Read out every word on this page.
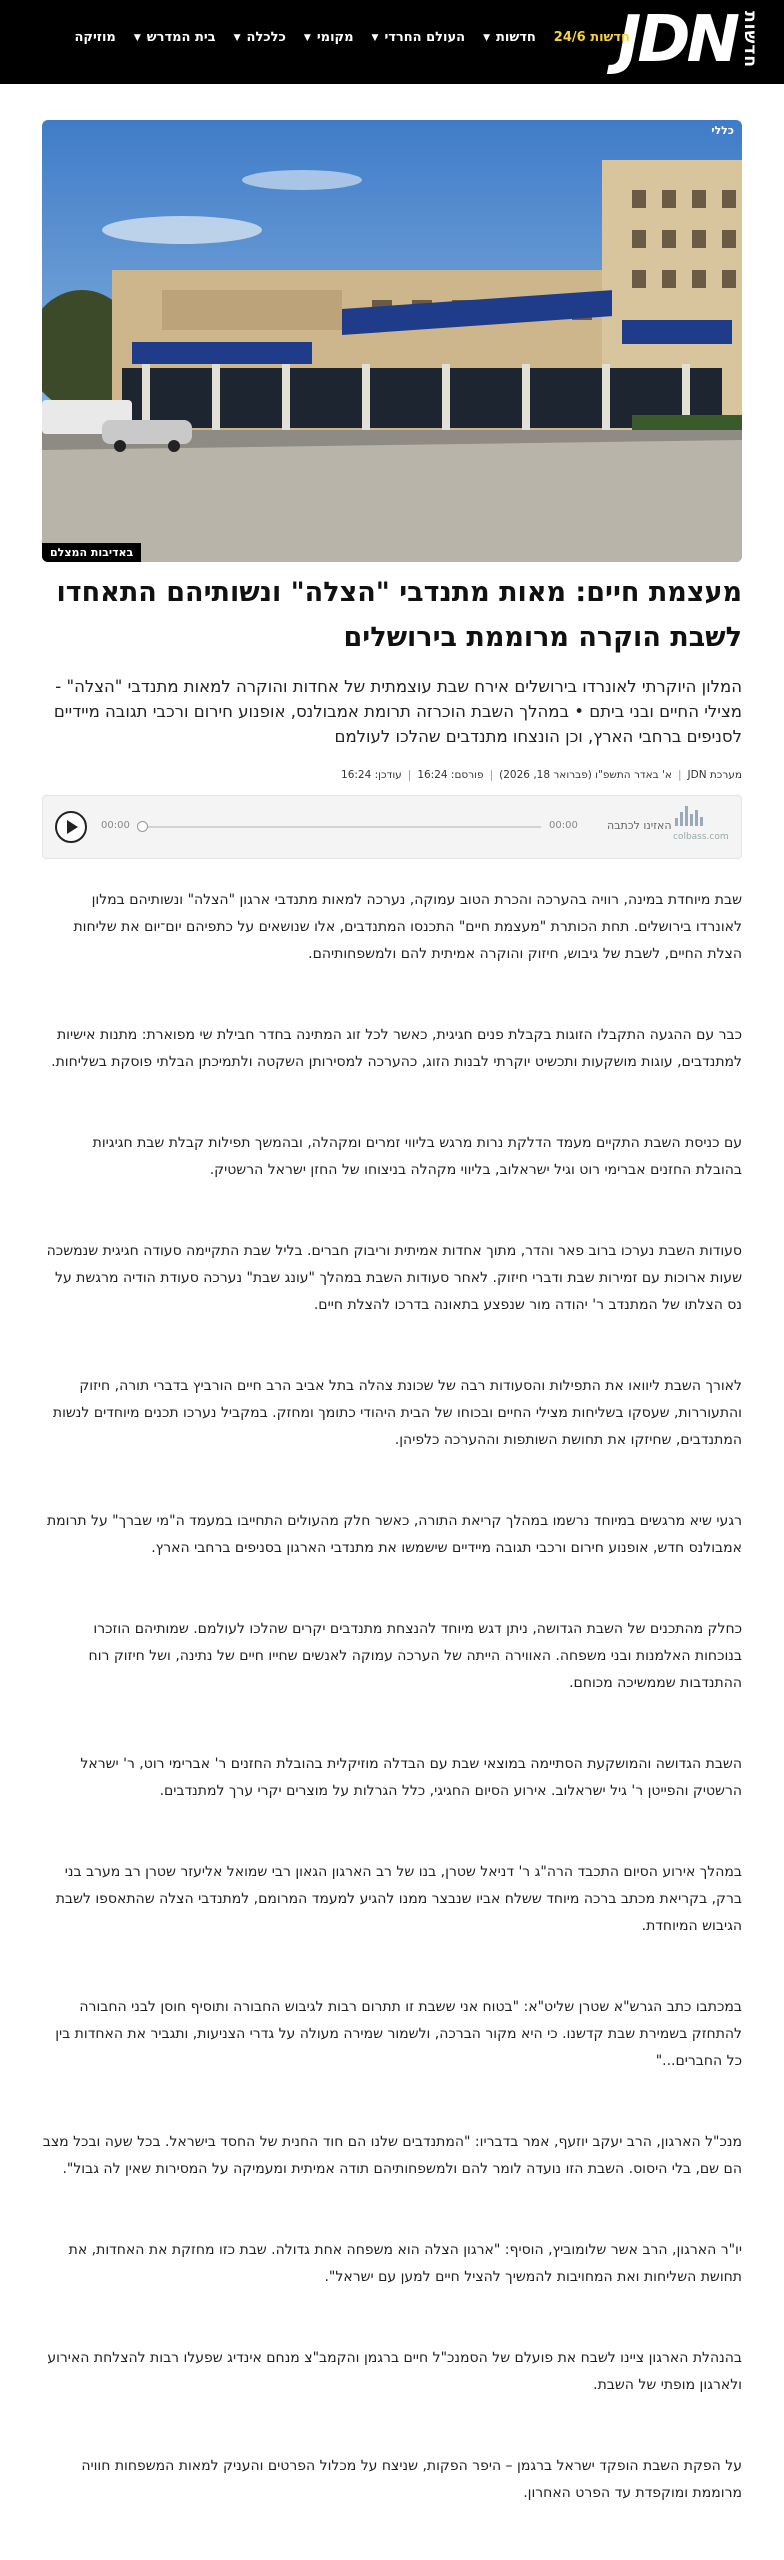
JDN חדשות
חדשות 24/6
חדשות
▼
העולם החרדי
▼
מקומי
▼
כלכלה
▼
בית המדרש
▼
מוזיקה
כללי
באדיבות המצלם
מעצמת חיים: מאות מתנדבי "הצלה" ונשותיהם התאחדו לשבת הוקרה מרוממת בירושלים

המלון היוקרתי לאונרדו בירושלים אירח שבת עוצמתית של אחדות והוקרה למאות מתנדבי "הצלה" - מצילי החיים ובני ביתם • במהלך השבת הוכרזה תרומת אמבולנס, אופנוע חירום ורכבי תגובה מיידיים לסניפים ברחבי הארץ, וכן הונצחו מתנדבים שהלכו לעולמם

מערכת JDN
|
א' באדר התשפ"ו (פברואר 18, 2026)
|
פורסם: 16:24
|
עודכן: 16:24
00:00	00:00	האזינו לכתבה
colbass.com

שבת מיוחדת במינה, רוויה בהערכה והכרת הטוב עמוקה, נערכה למאות מתנדבי ארגון "הצלה" ונשותיהם במלון לאונרדו בירושלים. תחת הכותרת "מעצמת חיים" התכנסו המתנדבים, אלו שנושאים על כתפיהם יום־יום את שליחות הצלת החיים, לשבת של גיבוש, חיזוק והוקרה אמיתית להם ולמשפחותיהם.

כבר עם ההגעה התקבלו הזוגות בקבלת פנים חגיגית, כאשר לכל זוג המתינה בחדר חבילת שי מפוארת: מתנות אישיות למתנדבים, עוגות מושקעות ותכשיט יוקרתי לבנות הזוג, כהערכה למסירותן השקטה ולתמיכתן הבלתי פוסקת בשליחות.

עם כניסת השבת התקיים מעמד הדלקת נרות מרגש בליווי זמרים ומקהלה, ובהמשך תפילות קבלת שבת חגיגיות בהובלת החזנים אברימי רוט וגיל ישראלוב, בליווי מקהלה בניצוחו של החזן ישראל הרשטיק.

סעודות השבת נערכו ברוב פאר והדר, מתוך אחדות אמיתית וריבוק חברים. בליל שבת התקיימה סעודה חגיגית שנמשכה שעות ארוכות עם זמירות שבת ודברי חיזוק. לאחר סעודות השבת במהלך "עונג שבת" נערכה סעודת הודיה מרגשת על נס הצלתו של המתנדב ר' יהודה מור שנפצע בתאונה בדרכו להצלת חיים.

לאורך השבת ליוואו את התפילות והסעודות רבה של שכונת צהלה בתל אביב הרב חיים הורביץ בדברי תורה, חיזוק והתעוררות, שעסקו בשליחות מצילי החיים ובכוחו של הבית היהודי כתומך ומחזק. במקביל נערכו תכנים מיוחדים לנשות המתנדבים, שחיזקו את תחושת השותפות וההערכה כלפיהן.

רגעי שיא מרגשים במיוחד נרשמו במהלך קריאת התורה, כאשר חלק מהעולים התחייבו במעמד ה"מי שברך" על תרומת אמבולנס חדש, אופנוע חירום ורכבי תגובה מיידיים שישמשו את מתנדבי הארגון בסניפים ברחבי הארץ.

כחלק מהתכנים של השבת הגדושה, ניתן דגש מיוחד להנצחת מתנדבים יקרים שהלכו לעולמם. שמותיהם הוזכרו בנוכחות האלמנות ובני משפחה. האווירה הייתה של הערכה עמוקה לאנשים שחייו חיים של נתינה, ושל חיזוק רוח ההתנדבות שממשיכה מכוחם.

השבת הגדושה והמושקעת הסתיימה במוצאי שבת עם הבדלה מוזיקלית בהובלת החזנים ר' אברימי רוט, ר' ישראל הרשטיק והפייטן ר' גיל ישראלוב. אירוע הסיום החגיגי, כלל הגרלות על מוצרים יקרי ערך למתנדבים.

במהלך אירוע הסיום התכבד הרה"ג ר' דניאל שטרן, בנו של רב הארגון הגאון רבי שמואל אליעזר שטרן רב מערב בני ברק, בקריאת מכתב ברכה מיוחד ששלח אביו שנבצר ממנו להגיע למעמד המרומם, למתנדבי הצלה שהתאספו לשבת הגיבוש המיוחדת.

במכתבו כתב הגרש"א שטרן שליט"א: "בטוח אני ששבת זו תתרום רבות לגיבוש החבורה ותוסיף חוסן לבני החבורה להתחזק בשמירת שבת קדשנו. כי היא מקור הברכה, ולשמור שמירה מעולה על גדרי הצניעות, ותגביר את האחדות בין כל החברים..."

מנכ"ל הארגון, הרב יעקב יוזעף, אמר בדבריו: "המתנדבים שלנו הם חוד החנית של החסד בישראל. בכל שעה ובכל מצב הם שם, בלי היסוס. השבת הזו נועדה לומר להם ולמשפחותיהם תודה אמיתית ומעמיקה על המסירות שאין לה גבול".

יו"ר הארגון, הרב אשר שלומוביץ, הוסיף: "ארגון הצלה הוא משפחה אחת גדולה. שבת כזו מחזקת את האחדות, את תחושת השליחות ואת המחויבות להמשיך להציל חיים למען עם ישראל".

בהנהלת הארגון ציינו לשבח את פועלם של הסמנכ"ל חיים ברגמן והקמב"צ מנחם אינדיג שפעלו רבות להצלחת האירוע ולארגון מופתי של השבת.

על הפקת השבת הופקד ישראל ברגמן – היפר הפקות, שניצח על מכלול הפרטים והעניק למאות המשפחות חוויה מרוממת ומוקפדת עד הפרט האחרון.
